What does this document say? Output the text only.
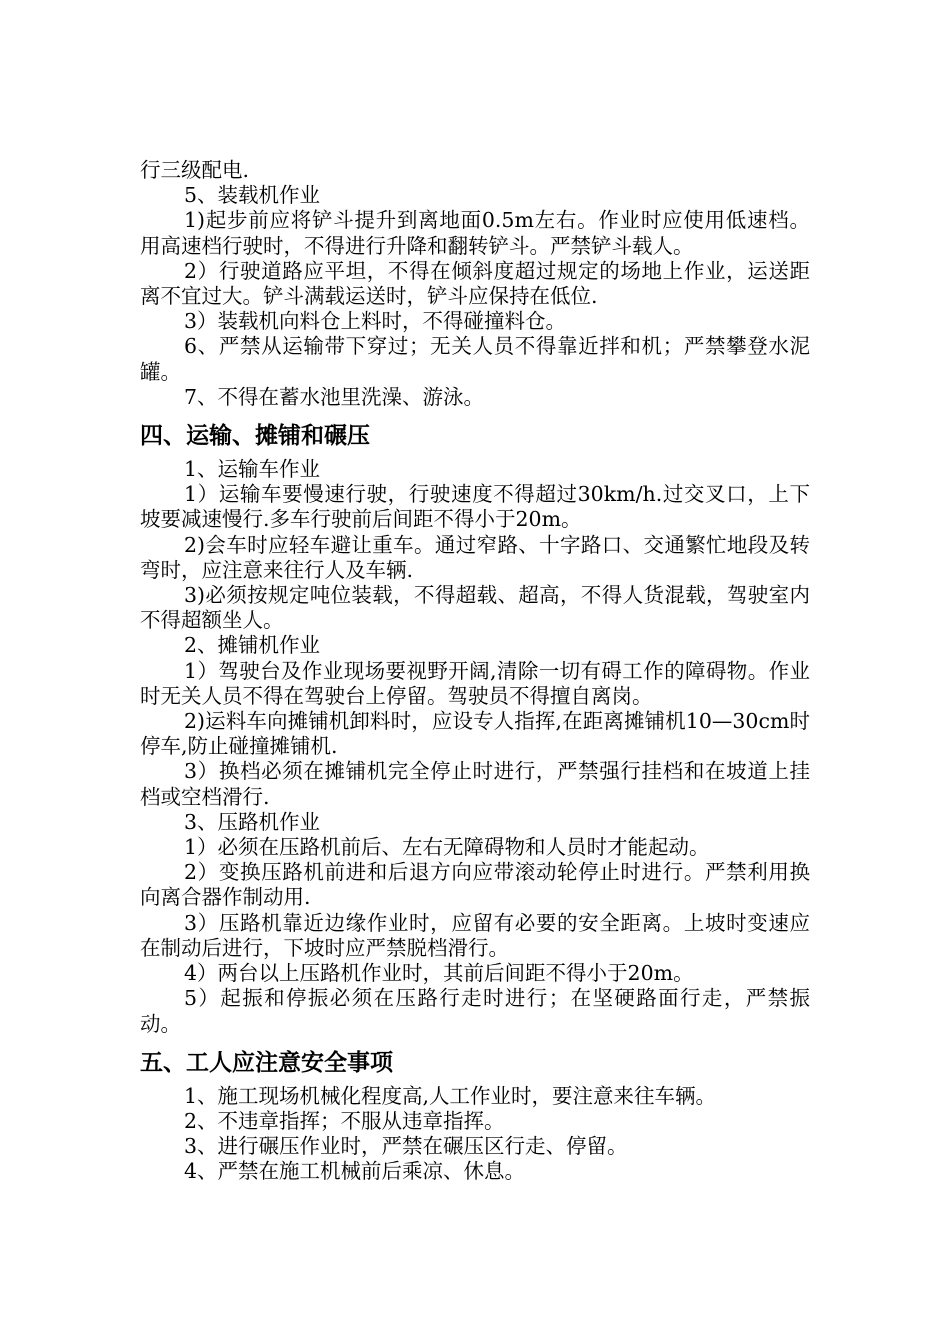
行三级配电.

5、装载机作业

1)起步前应将铲斗提升到离地面0.5m左右。作业时应使用低速档。用高速档行驶时，不得进行升降和翻转铲斗。严禁铲斗载人。

2）行驶道路应平坦，不得在倾斜度超过规定的场地上作业，运送距离不宜过大。铲斗满载运送时，铲斗应保持在低位.

3）装载机向料仓上料时，不得碰撞料仓。

6、严禁从运输带下穿过；无关人员不得靠近拌和机；严禁攀登水泥罐。

7、不得在蓄水池里洗澡、游泳。

四、运输、摊铺和碾压

1、运输车作业

1）运输车要慢速行驶，行驶速度不得超过30km/h.过交叉口，上下坡要减速慢行.多车行驶前后间距不得小于20m。

2)会车时应轻车避让重车。通过窄路、十字路口、交通繁忙地段及转弯时，应注意来往行人及车辆.

3)必须按规定吨位装载，不得超载、超高，不得人货混载，驾驶室内不得超额坐人。

2、摊铺机作业

1）驾驶台及作业现场要视野开阔,清除一切有碍工作的障碍物。作业时无关人员不得在驾驶台上停留。驾驶员不得擅自离岗。

2)运料车向摊铺机卸料时，应设专人指挥,在距离摊铺机10—30cm时停车,防止碰撞摊铺机.

3）换档必须在摊铺机完全停止时进行，严禁强行挂档和在坡道上挂档或空档滑行.

3、压路机作业

1）必须在压路机前后、左右无障碍物和人员时才能起动。

2）变换压路机前进和后退方向应带滚动轮停止时进行。严禁利用换向离合器作制动用.

3）压路机靠近边缘作业时，应留有必要的安全距离。上坡时变速应在制动后进行，下坡时应严禁脱档滑行。

4）两台以上压路机作业时，其前后间距不得小于20m。

5）起振和停振必须在压路行走时进行；在坚硬路面行走，严禁振动。

五、工人应注意安全事项

1、施工现场机械化程度高,人工作业时，要注意来往车辆。

2、不违章指挥；不服从违章指挥。

3、进行碾压作业时，严禁在碾压区行走、停留。

4、严禁在施工机械前后乘凉、休息。
